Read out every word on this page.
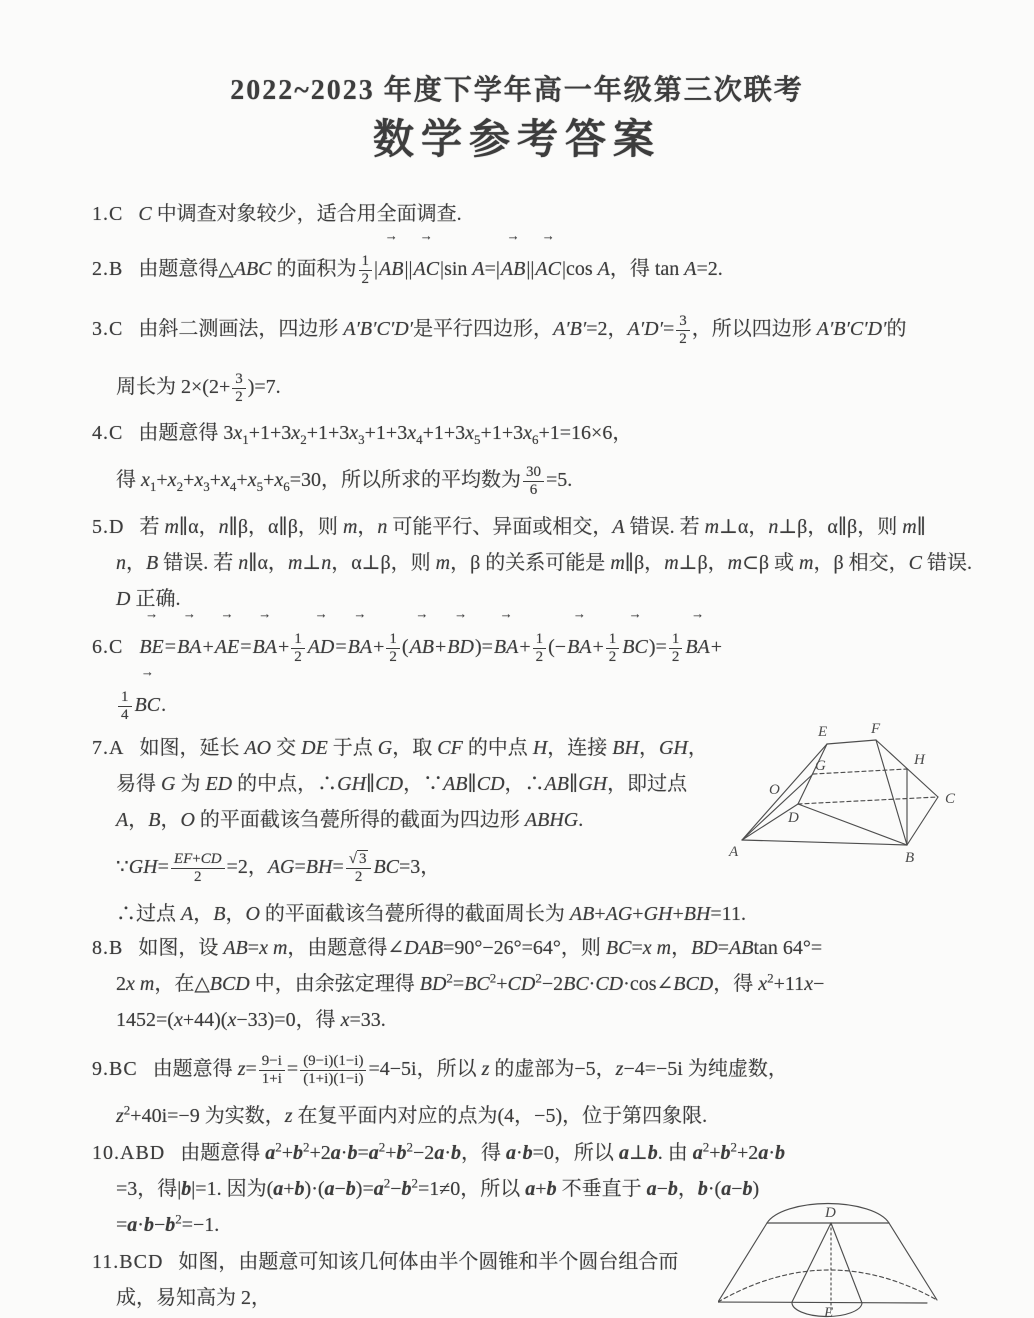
2022~2023 年度下学年高一年级第三次联考
数学参考答案
1.C C 中调查对象较少，适合用全面调查.
2.B 由题意得△ABC 的面积为 $\frac{1}{2}$ |→ AB||→ AC|sin A=|→ AB||→ AC|cos A，得 tan A=2.
3.C 由斜二测画法，四边形 A′B′C′D′是平行四边形，A′B′=2，$A'D'= \frac{3}{2}$ ，所以四边形 A′B′C′D′的
周长为 $2\times(2+ \frac{3}{2} )=7$.
4.C 由题意得 $3x_1+1+3x_2+1+3x_3+1+3x_4+1+3x_5+1+3x_6+1=16\times 6$，
得 $x_1+x_2+x_3+x_4+x_5+x_6=30$，所以所求的平均数为 $\frac{30}{6} =5$.
5.D 若 m∥α，n∥β，α∥β，则 m，n 可能平行、异面或相交，A 错误. 若 m⊥α，n⊥β，α∥β，则 m∥
n，B 错误. 若 n∥α，m⊥n，α⊥β，则 m，β 的关系可能是 m∥β，m⊥β，m⊂β 或 m，β 相交，C 错误.
D 正确.
$6.C \to BE=\to BA+\to AE=\to BA+ \frac{1}{2} \to AD=\to BA+ \frac{1}{2}$ (→ $AB+\to BD)=\to BA+ \frac{1}{2}$ (−→ $BA+ \frac{1}{2} \to BC)= \frac{1}{2} \to BA+$
$\frac{1}{4}$ → BC.
7.A 如图，延长 AO 交 DE 于点 G，取 CF 的中点 H，连接 BH，GH，
易得 G 为 ED 的中点，∴GH∥CD，∵AB∥CD，∴AB∥GH，即过点
A，B，O 的平面截该刍甍所得的截面为四边形 ABHG.
∵GH= $\frac{EF+CD}{2} =2$，$AG=BH= \frac{√ 3}{2} BC=3$，
∴过点 A，B，O 的平面截该刍甍所得的截面周长为 AB+AG+GH+BH=11.
8.B 如图，设 AB=x m，由题意得∠DAB=90°−26°=64°，则 BC=x m，BD=ABtan 64°=
2x m，在△BCD 中，由余弦定理得 $BD^2=BC^2+CD^2-2BC\cdot CD\cdot\cos\angle BCD$，得 $x^2+11x-$
1452=(x+44)(x−33)=0，得 x=33.
9.BC 由题意得 $z= \frac{9-i}{1+i} = \frac{(9-i)(1-i)}{(1+i)(1-i)} =4-5i$，所以 z 的虚部为−5，z−4=−5i 为纯虚数，
$z^2+40i=-9$ 为实数，z 在复平面内对应的点为(4，−5)，位于第四象限.
10.ABD 由题意得 $a^2+b^2+2a\cdot b=a^2+b^2-2a\cdot b$，得 a·b=0，所以 a⊥b. 由 $a^2+b^2+2a\cdot b$
=3，得|b|=1. 因为$(a+b)\cdot(a-b)=a^2-b^2=1\ne 0$，所以 a+b 不垂直于 a−b，b·(a−b)
$=a\cdot b-b^2=-1$.
11.BCD 如图，由题意可知该几何体由半个圆锥和半个圆台组合而
成，易知高为 2，
A	B
C
D
E	F
G	H
O
D
E
